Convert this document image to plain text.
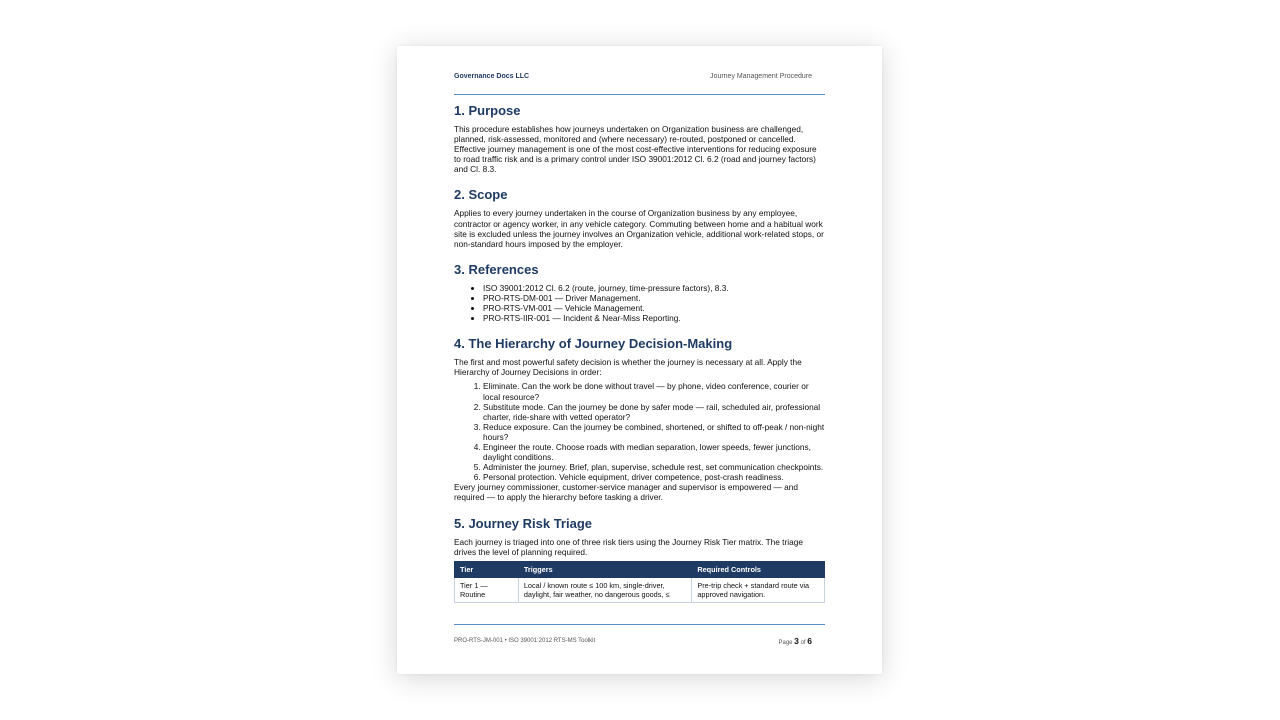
Governance Docs LLC	Journey Management Procedure
1. Purpose

This procedure establishes how journeys undertaken on Organization business are challenged, planned, risk-assessed, monitored and (where necessary) re-routed, postponed or cancelled. Effective journey management is one of the most cost-effective interventions for reducing exposure to road traffic risk and is a primary control under ISO 39001:2012 Cl. 6.2 (road and journey factors) and Cl. 8.3.

2. Scope

Applies to every journey undertaken in the course of Organization business by any employee, contractor or agency worker, in any vehicle category. Commuting between home and a habitual work site is excluded unless the journey involves an Organization vehicle, additional work-related stops, or non-standard hours imposed by the employer.

3. References
• ISO 39001:2012 Cl. 6.2 (route, journey, time-pressure factors), 8.3.
• PRO-RTS-DM-001 — Driver Management.
• PRO-RTS-VM-001 — Vehicle Management.
• PRO-RTS-IIR-001 — Incident & Near-Miss Reporting.
4. The Hierarchy of Journey Decision-Making

The first and most powerful safety decision is whether the journey is necessary at all. Apply the Hierarchy of Journey Decisions in order:

1. Eliminate. Can the work be done without travel — by phone, video conference, courier or local resource?
2. Substitute mode. Can the journey be done by safer mode — rail, scheduled air, professional charter, ride-share with vetted operator?
3. Reduce exposure. Can the journey be combined, shortened, or shifted to off-peak / non-night hours?
4. Engineer the route. Choose roads with median separation, lower speeds, fewer junctions, daylight conditions.
5. Administer the journey. Brief, plan, supervise, schedule rest, set communication checkpoints.
6. Personal protection. Vehicle equipment, driver competence, post-crash readiness.

Every journey commissioner, customer-service manager and supervisor is empowered — and required — to apply the hierarchy before tasking a driver.

5. Journey Risk Triage

Each journey is triaged into one of three risk tiers using the Journey Risk Tier matrix. The triage drives the level of planning required.

Tier	Triggers	Required Controls
Tier 1 — Routine	Local / known route ≤ 100 km, single-driver, daylight, fair weather, no dangerous goods, ≤	Pre-trip check + standard route via approved navigation.
PRO-RTS-JM-001 • ISO 39001:2012 RTS-MS Toolkit	Page 3 of 6
